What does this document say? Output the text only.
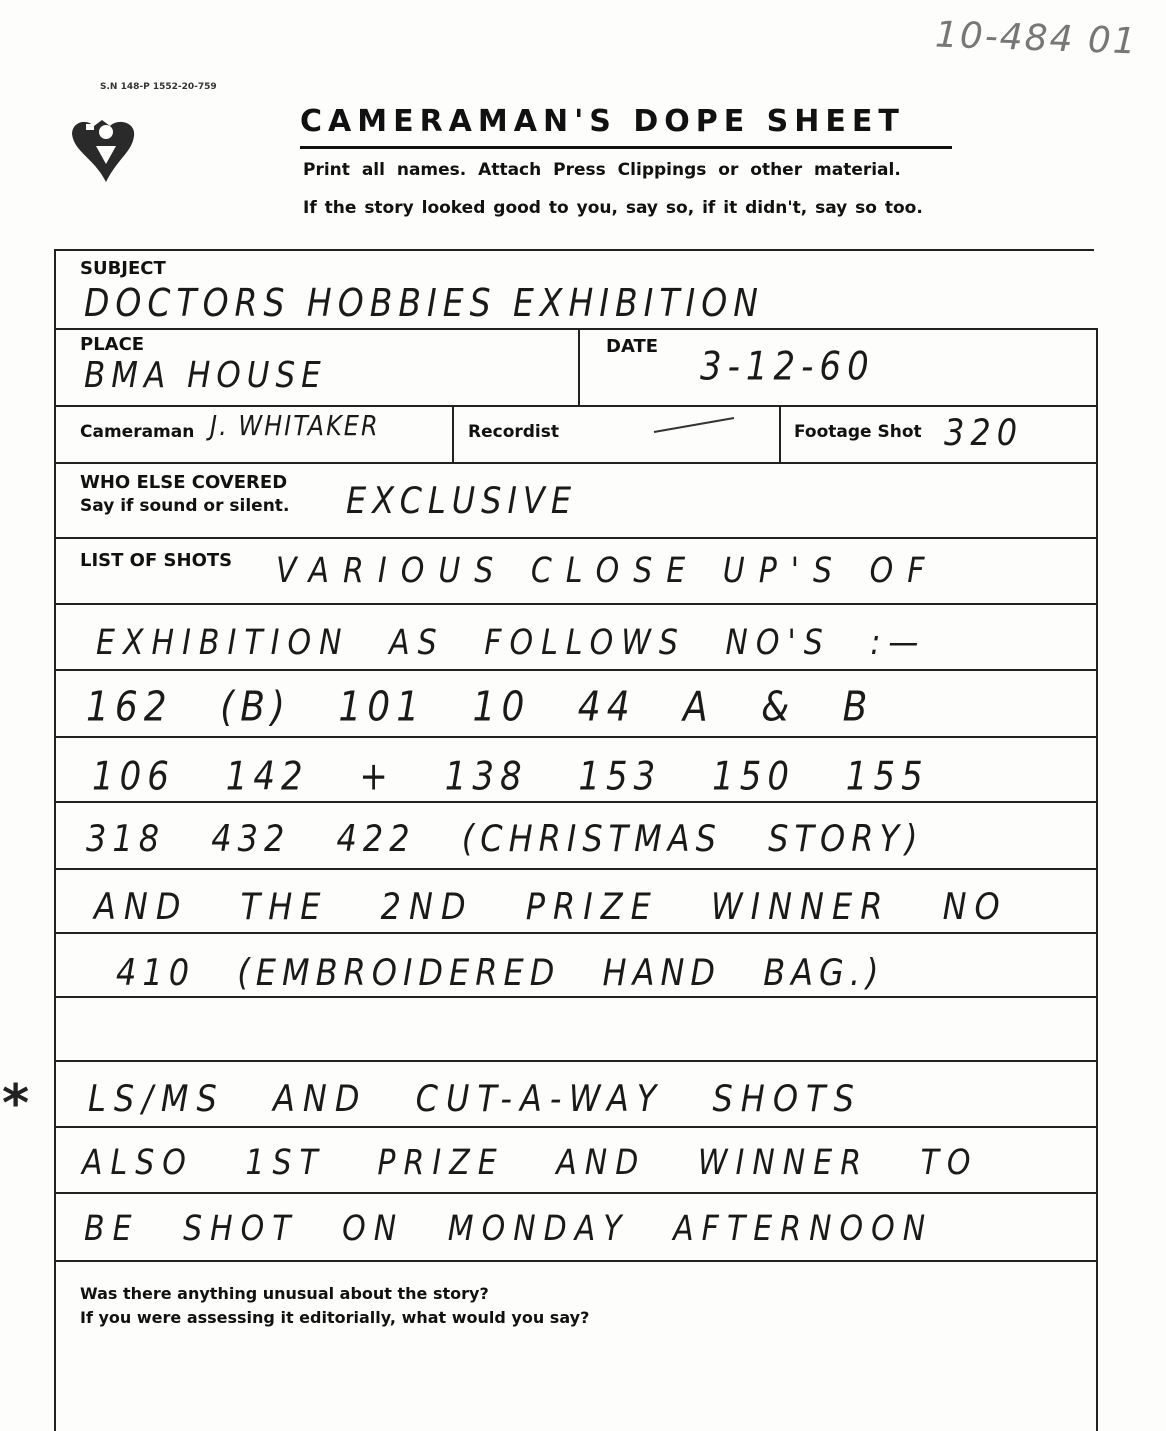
10-484 01
S.N 148-P 1552-20-759
CAMERAMAN'S DOPE SHEET
Print all names. Attach Press Clippings or other material.
If the story looked good to you, say so, if it didn't, say so too.
SUBJECT
DOCTORS HOBBIES EXHIBITION
PLACE
BMA HOUSE
DATE 3-12-60
Cameraman J. WHITAKER	Recordist	Footage Shot 320
WHO ELSE COVERED
Say if sound or silent. EXCLUSIVE
LIST OF SHOTS VARIOUS CLOSE UP'S OF
EXHIBITION AS FOLLOWS NO'S :—
162 (B) 101 10 44 A & B
106 142 + 138 153 150 155
318 432 422 (CHRISTMAS STORY)
AND THE 2ND PRIZE WINNER NO
410 (EMBROIDERED HAND BAG.)
* LS/MS AND CUT-A-WAY SHOTS
ALSO 1ST PRIZE AND WINNER TO
BE SHOT ON MONDAY AFTERNOON
Was there anything unusual about the story?
If you were assessing it editorially, what would you say?
